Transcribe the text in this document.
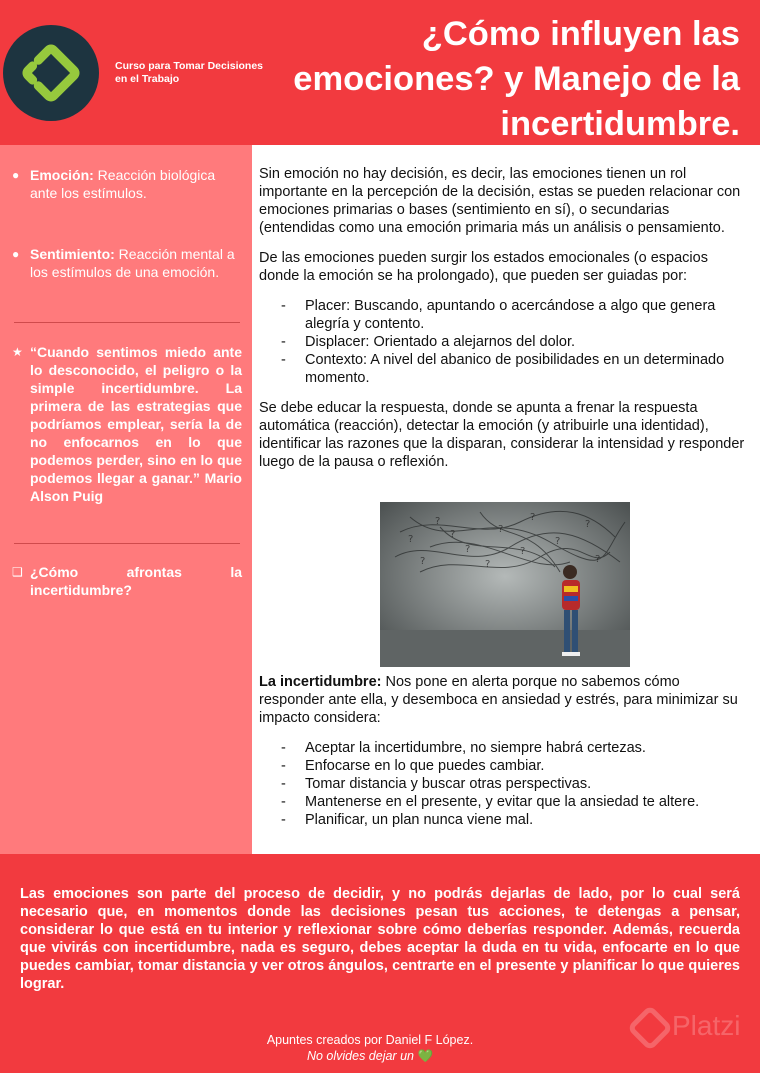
Curso para Tomar Decisiones en el Trabajo
¿Cómo influyen las emociones? y Manejo de la incertidumbre.
● Emoción: Reacción biológica ante los estímulos.
● Sentimiento: Reacción mental a los estímulos de una emoción.
★ “Cuando sentimos miedo ante lo desconocido, el peligro o la simple incertidumbre. La primera de las estrategias que podríamos emplear, sería la de no enfocarnos en lo que podemos perder, sino en lo que podemos llegar a ganar.” Mario Alson Puig
❑ ¿Cómo afrontas la incertidumbre?

Sin emoción no hay decisión, es decir, las emociones tienen un rol importante en la percepción de la decisión, estas se pueden relacionar con emociones primarias o bases (sentimiento en sí), o secundarias (entendidas como una emoción primaria más un análisis o pensamiento.

De las emociones pueden surgir los estados emocionales (o espacios donde la emoción se ha prolongado), que pueden ser guiadas por:

- Placer: Buscando, apuntando o acercándose a algo que genera alegría y contento.
- Displacer: Orientado a alejarnos del dolor.
- Contexto: A nivel del abanico de posibilidades en un determinado momento.

Se debe educar la respuesta, donde se apunta a frenar la respuesta automática (reacción), detectar la emoción (y atribuirle una identidad), identificar las razones que la disparan, considerar la intensidad y responder luego de la pausa o reflexión.

La incertidumbre: Nos pone en alerta porque no sabemos cómo responder ante ella, y desemboca en ansiedad y estrés, para minimizar su impacto considera:

- Aceptar la incertidumbre, no siempre habrá certezas.
- Enfocarse en lo que puedes cambiar.
- Tomar distancia y buscar otras perspectivas.
- Mantenerse en el presente, y evitar que la ansiedad te altere.
- Planificar, un plan nunca viene mal.
?
?
?
?
?
?
?
?
?	?
?
?
Las emociones son parte del proceso de decidir, y no podrás dejarlas de lado, por lo cual será necesario que, en momentos donde las decisiones pesan tus acciones, te detengas a pensar, considerar lo que está en tu interior y reflexionar sobre cómo deberías responder. Además, recuerda que vivirás con incertidumbre, nada es seguro, debes aceptar la duda en tu vida, enfocarte en lo que puedes cambiar, tomar distancia y ver otros ángulos, centrarte en el presente y planificar lo que quieres lograr.
Apuntes creados por Daniel F López.
No olvides dejar un 💚
Platzi
